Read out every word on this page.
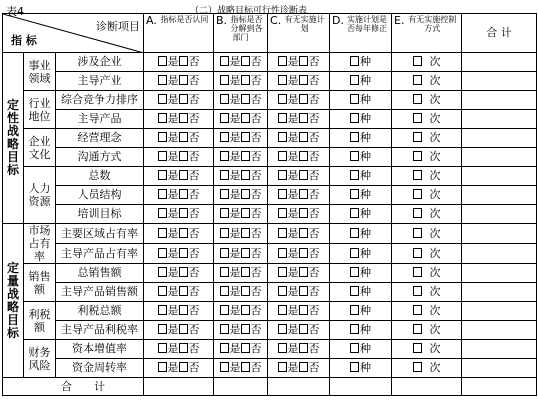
表4	（二）战略目标可行性诊断表
诊断项目
指 标			A. 指标是否认同	B. 指标是否分解到各部门	C. 有无实施计划	D. 实施计划是否每年修正	E. 有无实施控制方式	合 计
定性战略目标	事业领域	涉及企业	是 否	是 否	是 否	种	次	
		主导产业	是 否	是 否	是 否	种	次	
	行业地位	综合竞争力排序	是 否	是 否	是 否	种	次	
		主导产品	是 否	是 否	是 否	种	次	
	企业文化	经营理念	是 否	是 否	是 否	种	次	
		沟通方式	是 否	是 否	是 否	种	次	
	人力资源	总数	是 否	是 否	是 否	种	次	
		人员结构	是 否	是 否	是 否	种	次	
		培训目标	是 否	是 否	是 否	种	次	
定量战略目标	市场占有率	主要区域占有率	是 否	是 否	是 否	种	次	
		主导产品占有率	是 否	是 否	是 否	种	次	
	销售额	总销售额	是 否	是 否	是 否	种	次	
		主导产品销售额	是 否	是 否	是 否	种	次	
	利税额	利税总额	是 否	是 否	是 否	种	次	
		主导产品利税率	是 否	是 否	是 否	种	次	
	财务风险	资本增值率	是 否	是 否	是 否	种	次	
		资金周转率	是 否	是 否	是 否	种	次	
合　　计								
